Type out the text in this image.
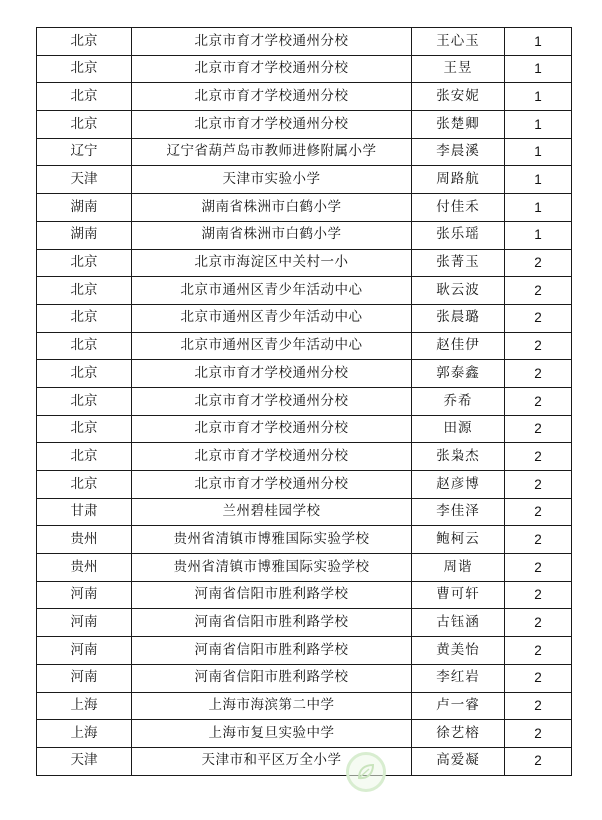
北京	北京市育才学校通州分校	王心玉	1
北京	北京市育才学校通州分校	王昱	1
北京	北京市育才学校通州分校	张安妮	1
北京	北京市育才学校通州分校	张楚卿	1
辽宁	辽宁省葫芦岛市教师进修附属小学	李晨溪	1
天津	天津市实验小学	周路航	1
湖南	湖南省株洲市白鹤小学	付佳禾	1
湖南	湖南省株洲市白鹤小学	张乐瑶	1
北京	北京市海淀区中关村一小	张菁玉	2
北京	北京市通州区青少年活动中心	耿云波	2
北京	北京市通州区青少年活动中心	张晨璐	2
北京	北京市通州区青少年活动中心	赵佳伊	2
北京	北京市育才学校通州分校	郭泰鑫	2
北京	北京市育才学校通州分校	乔希	2
北京	北京市育才学校通州分校	田源	2
北京	北京市育才学校通州分校	张枭杰	2
北京	北京市育才学校通州分校	赵彦博	2
甘肃	兰州碧桂园学校	李佳泽	2
贵州	贵州省清镇市博雅国际实验学校	鲍柯云	2
贵州	贵州省清镇市博雅国际实验学校	周谐	2
河南	河南省信阳市胜利路学校	曹可轩	2
河南	河南省信阳市胜利路学校	古钰涵	2
河南	河南省信阳市胜利路学校	黄美怡	2
河南	河南省信阳市胜利路学校	李红岩	2
上海	上海市海滨第二中学	卢一睿	2
上海	上海市复旦实验中学	徐艺榕	2
天津	天津市和平区万全小学	高爱凝	2
